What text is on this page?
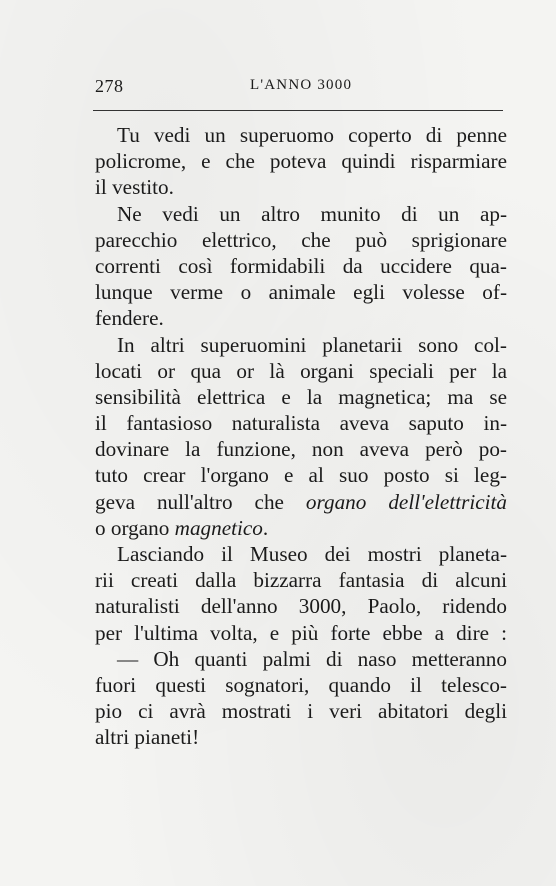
278	L'ANNO 3000
Tu vedi un superuomo coperto di penne
policrome, e che poteva quindi risparmiare
il vestito.
Ne vedi un altro munito di un ap-
parecchio elettrico, che può sprigionare
correnti così formidabili da uccidere qua-
lunque verme o animale egli volesse of-
fendere.
In altri superuomini planetarii sono col-
locati or qua or là organi speciali per la
sensibilità elettrica e la magnetica; ma se
il fantasioso naturalista aveva saputo in-
dovinare la funzione, non aveva però po-
tuto crear l'organo e al suo posto si leg-
geva null'altro che organo dell'elettricità
o organo magnetico.
Lasciando il Museo dei mostri planeta-
rii creati dalla bizzarra fantasia di alcuni
naturalisti dell'anno 3000, Paolo, ridendo
per l'ultima volta, e più forte ebbe a dire :
— Oh quanti palmi di naso metteranno
fuori questi sognatori, quando il telesco-
pio ci avrà mostrati i veri abitatori degli
altri pianeti!
